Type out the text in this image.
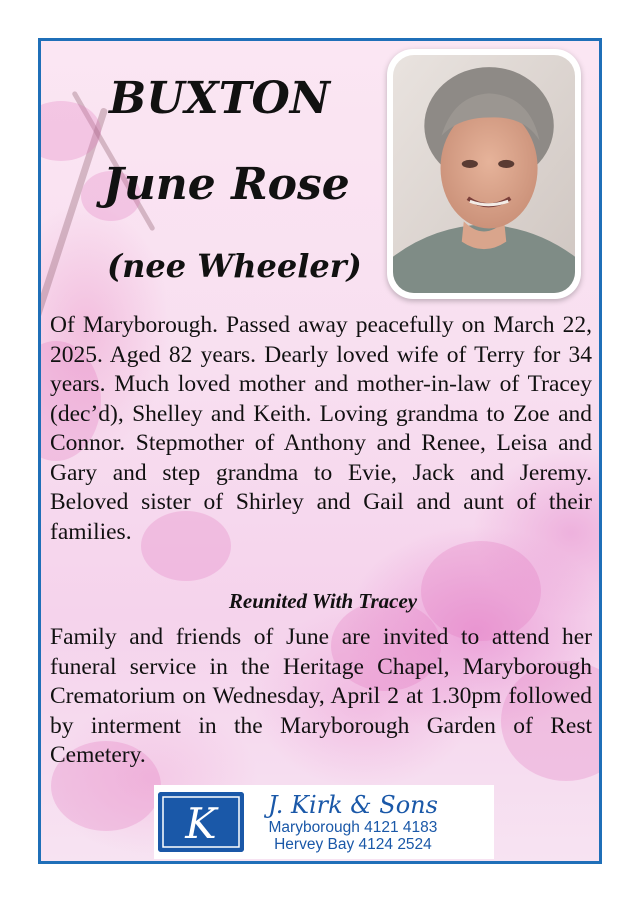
BUXTON
June Rose
(nee Wheeler)

Of Maryborough. Passed away peacefully on March 22, 2025. Aged 82 years. Dearly loved wife of Terry for 34 years. Much loved mother and mother-in-law of Tracey (dec’d), Shelley and Keith. Loving grandma to Zoe and Connor. Stepmother of Anthony and Renee, Leisa and Gary and step grandma to Evie, Jack and Jeremy. Beloved sister of Shirley and Gail and aunt of their families.

Reunited With Tracey

Family and friends of June are invited to attend her funeral service in the Heritage Chapel, Maryborough Crematorium on Wednesday, April 2 at 1.30pm followed by interment in the Maryborough Garden of Rest Cemetery.

K J. Kirk & Sons
Maryborough 4121 4183
Hervey Bay 4124 2524
